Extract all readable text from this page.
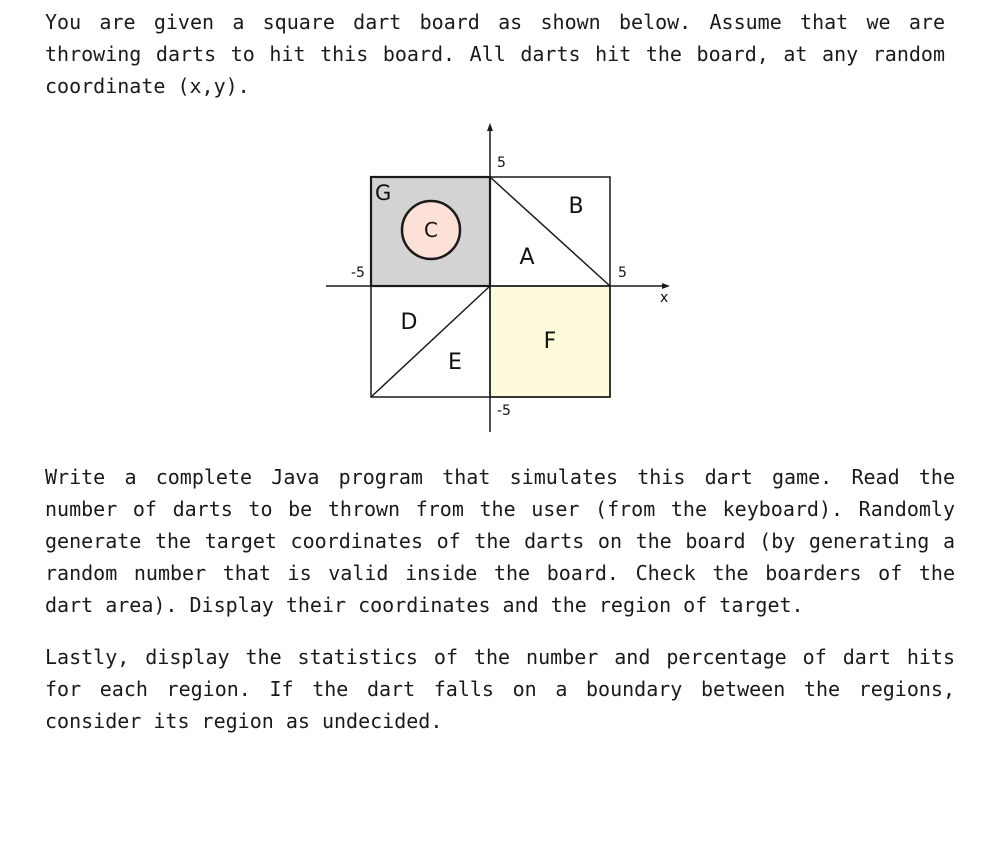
You are given a square dart board as shown below. Assume that we are throwing darts to hit this board. All darts hit the board, at any random coordinate (x,y).

5
-5
-5	5
x
G
C
A
B
D
E
F

Write a complete Java program that simulates this dart game. Read the number of darts to be thrown from the user (from the keyboard). Randomly generate the target coordinates of the darts on the board (by generating a random number that is valid inside the board. Check the boarders of the dart area). Display their coordinates and the region of target.

Lastly, display the statistics of the number and percentage of dart hits for each region. If the dart falls on a boundary between the regions, consider its region as undecided.
